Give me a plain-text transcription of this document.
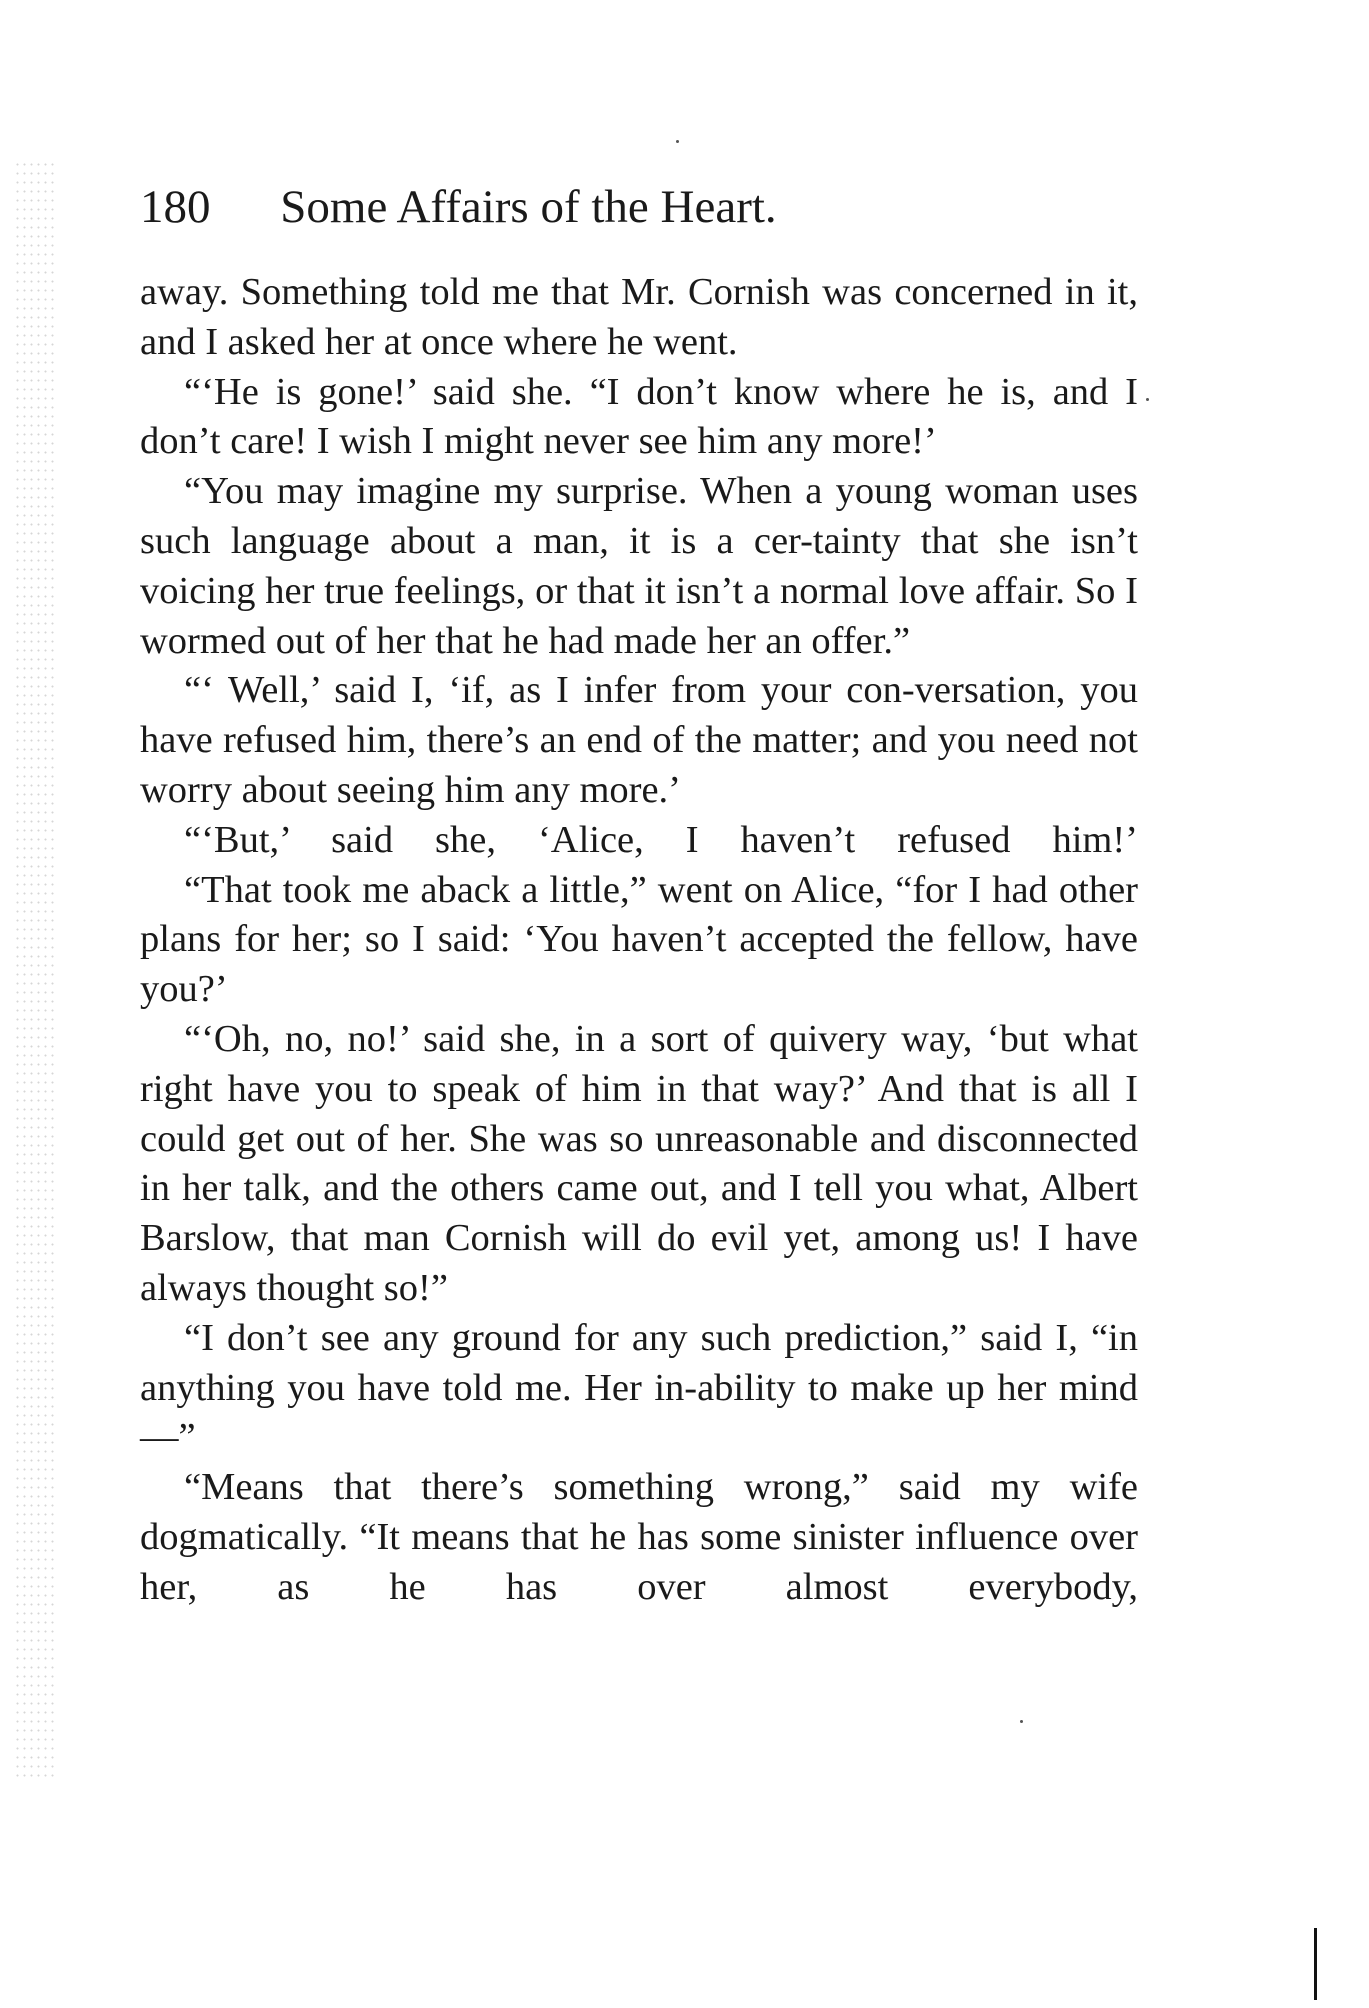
180 Some Affairs of the Heart.

away. Something told me that Mr. Cornish was concerned in it, and I asked her at once where he went.

“‘He is gone!’ said she. “I don’t know where he is, and I don’t care! I wish I might never see him any more!’

“You may imagine my surprise. When a young woman uses such language about a man, it is a cer-tainty that she isn’t voicing her true feelings, or that it isn’t a normal love affair. So I wormed out of her that he had made her an offer.”

“‘ Well,’ said I, ‘if, as I infer from your con-versation, you have refused him, there’s an end of the matter; and you need not worry about seeing him any more.’

“‘But,’ said she, ‘Alice, I haven’t refused him!’

“That took me aback a little,” went on Alice, “for I had other plans for her; so I said: ‘You haven’t accepted the fellow, have you?’

“‘Oh, no, no!’ said she, in a sort of quivery way, ‘but what right have you to speak of him in that way?’ And that is all I could get out of her. She was so unreasonable and disconnected in her talk, and the others came out, and I tell you what, Albert Barslow, that man Cornish will do evil yet, among us! I have always thought so!”

“I don’t see any ground for any such prediction,” said I, “in anything you have told me. Her in-ability to make up her mind—”

“Means that there’s something wrong,” said my wife dogmatically. “It means that he has some sinister influence over her, as he has over almost everybody,
